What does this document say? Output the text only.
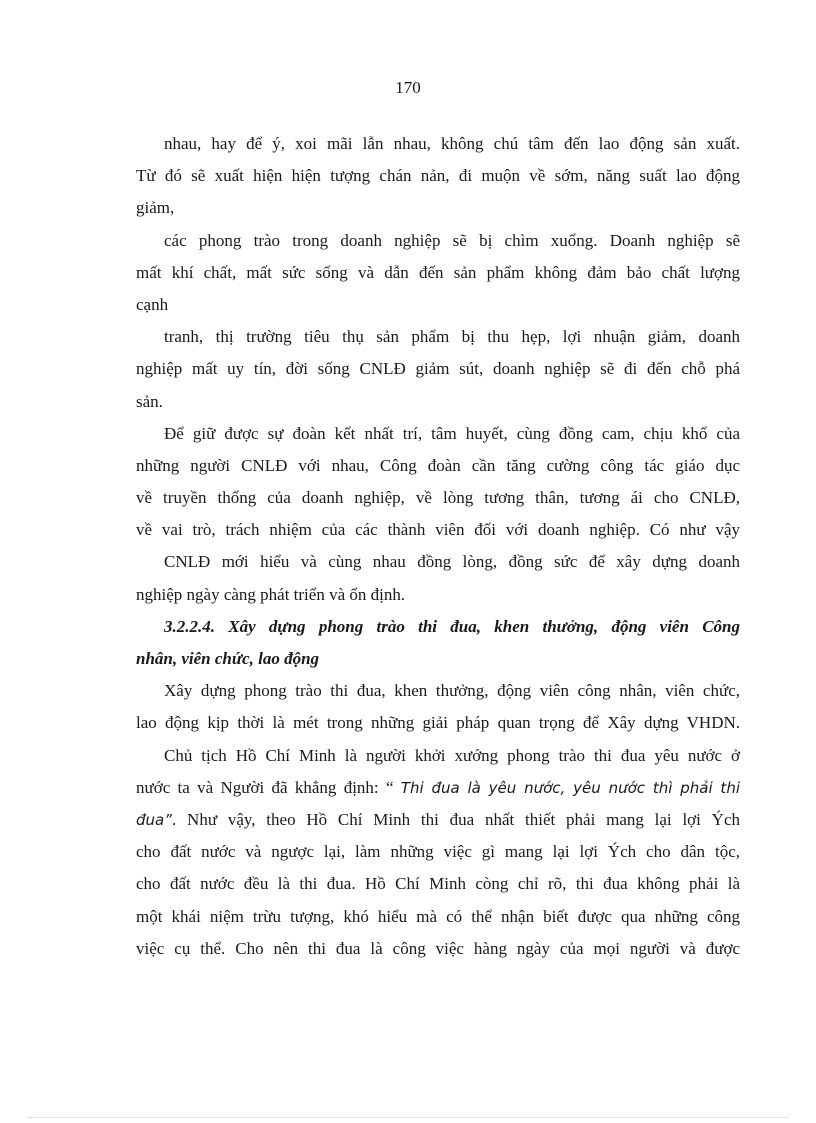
170
nhau, hay để ý, xoi mãi lẫn nhau, không chú tâm đến lao động sản xuất.
Từ đó sẽ xuất hiện hiện tượng chán nản, đi muộn về sớm, năng suất lao động
giảm,
các phong trào trong doanh nghiệp sẽ bị chìm xuống. Doanh nghiệp sẽ
mất khí chất, mất sức sống và dẫn đến sản phẩm không đảm bảo chất lượng
cạnh
tranh, thị trường tiêu thụ sản phẩm bị thu hẹp, lợi nhuận giảm, doanh
nghiệp mất uy tín, đời sống CNLĐ giảm sút, doanh nghiệp sẽ đi đến chỗ phá
sản.
Để giữ được sự đoàn kết nhất trí, tâm huyết, cùng đồng cam, chịu khổ của
những người CNLĐ với nhau, Công đoàn cần tăng cường công tác giáo dục
về truyền thống của doanh nghiệp, về lòng tương thân, tương ái cho CNLĐ,
về vai trò, trách nhiệm của các thành viên đối với doanh nghiệp. Có như vậy
CNLĐ mới hiểu và cùng nhau đồng lòng, đồng sức để xây dựng doanh
nghiệp ngày càng phát triển và ổn định.
3.2.2.4. Xây dựng phong trào thi đua, khen thưởng, động viên Công
nhân, viên chức, lao động
Xây dựng phong trào thi đua, khen thưởng, động viên công nhân, viên chức,
lao động kịp thời là mét trong những giải pháp quan trọng để Xây dựng VHDN.
Chủ tịch Hồ Chí Minh là người khởi xướng phong trào thi đua yêu nước ở
nước ta và Người đã khẳng định: “ Thi đua là yêu nước, yêu nước thì phải thi
đua”. Như vậy, theo Hồ Chí Minh thi đua nhất thiết phải mang lại lợi Ých
cho đất nước và ngược lại, làm những việc gì mang lại lợi Ých cho dân tộc,
cho đất nước đều là thi đua. Hồ Chí Minh còng chỉ rõ, thi đua không phải là
một khái niệm trừu tượng, khó hiểu mà có thể nhận biết được qua những công
việc cụ thể. Cho nên thi đua là công việc hàng ngày của mọi người và được
